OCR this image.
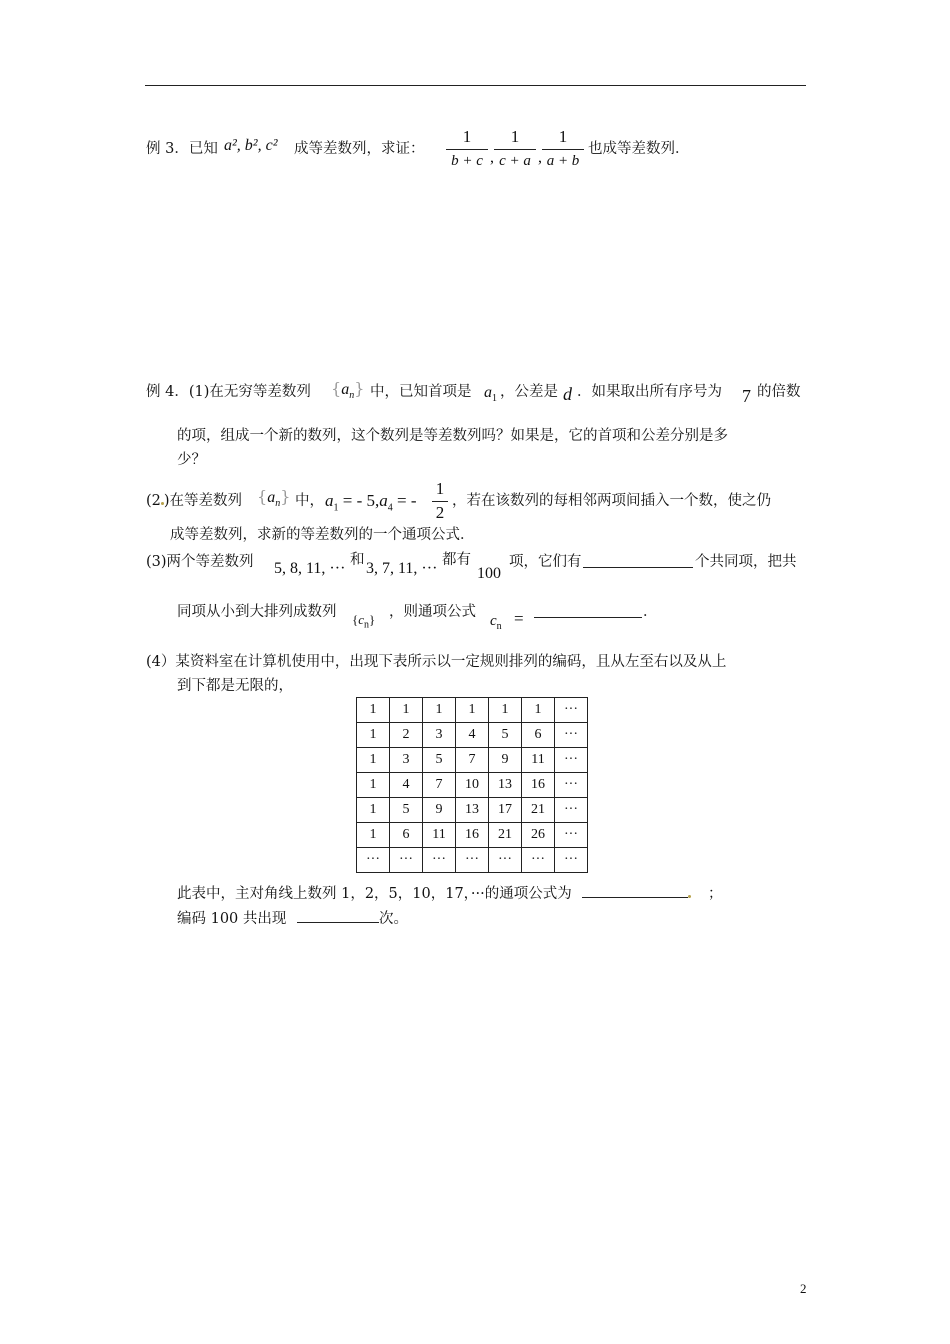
例 3．已知 a², b², c² 成等差数列，求证：
1
b + c ,
1
c + a ,
1
a + b
也成等差数列．
例 4．(1)在无穷等差数列 $\{a_n\}$ 中，已知首项是 $a_1$ ，公差是 d ．如果取出所有序号为 7 的倍数
的项，组成一个新的数列，这个数列是等差数列吗？如果是，它的首项和公差分别是多
少？
(2 )在等差数列 $\{a_n\}$ 中， $a_1$ = - $5,a_4$ = -
1
2
，若在该数列的每相邻两项间插入一个数，使之仍
成等差数列，求新的等差数列的一个通项公式．
(3)两个等差数列 5, 8, 11, ··· 和 3, 7, 11, ··· 都有
100
项，它们有	个共同项，把共
同项从小到大排列成数列 $\{c_n\}$ ，则通项公式
$c_n$ =	．
(4）某资料室在计算机使用中，出现下表所示以一定规则排列的编码，且从左至右以及从上
到下都是无限的，
1	1	1	1	1	1	···
1	2	3	4	5	6	···
1	3	5	7	9	11	···
1	4	7	10	13	16	···
1	5	9	13	17	21	···
1	6	11	16	21	26	···
···	···	···	···	···	···	···
此表中，主对角线上数列 1，2，5，10，17，···的通项公式为	；
编码 100 共出现	次。
2
